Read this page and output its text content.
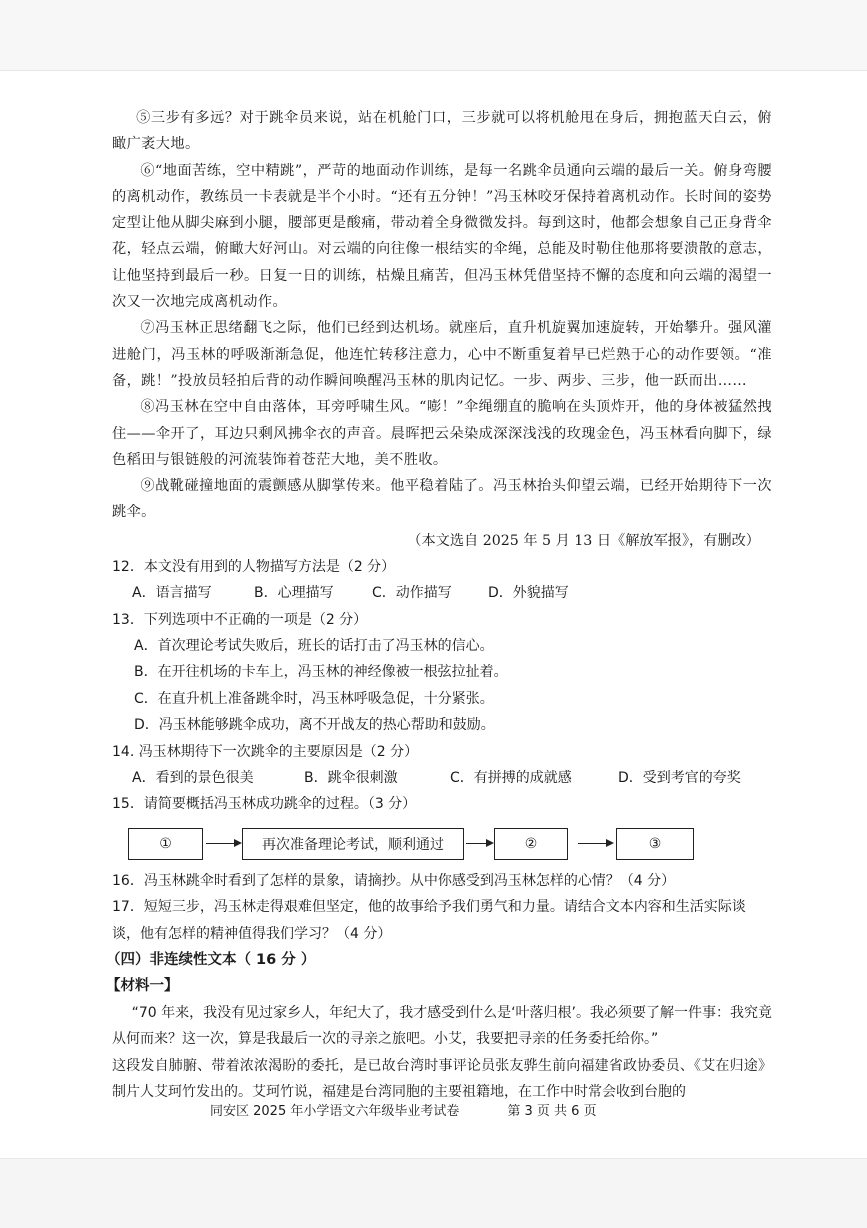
⑤三步有多远？对于跳伞员来说，站在机舱门口，三步就可以将机舱甩在身后，拥抱蓝天白云，俯瞰广袤大地。

⑥“地面苦练，空中精跳”，严苛的地面动作训练，是每一名跳伞员通向云端的最后一关。俯身弯腰的离机动作，教练员一卡表就是半个小时。“还有五分钟！”冯玉林咬牙保持着离机动作。长时间的姿势定型让他从脚尖麻到小腿，腰部更是酸痛，带动着全身微微发抖。每到这时，他都会想象自己正身背伞花，轻点云端，俯瞰大好河山。对云端的向往像一根结实的伞绳，总能及时勒住他那将要溃散的意志，让他坚持到最后一秒。日复一日的训练，枯燥且痛苦，但冯玉林凭借坚持不懈的态度和向云端的渴望一次又一次地完成离机动作。

⑦冯玉林正思绪翻飞之际，他们已经到达机场。就座后，直升机旋翼加速旋转，开始攀升。强风灌进舱门，冯玉林的呼吸渐渐急促，他连忙转移注意力，心中不断重复着早已烂熟于心的动作要领。“准备，跳！”投放员轻拍后背的动作瞬间唤醒冯玉林的肌肉记忆。一步、两步、三步，他一跃而出……

⑧冯玉林在空中自由落体，耳旁呼啸生风。“嘭！”伞绳绷直的脆响在头顶炸开，他的身体被猛然拽住——伞开了，耳边只剩风拂伞衣的声音。晨晖把云朵染成深深浅浅的玫瑰金色，冯玉林看向脚下，绿色稻田与银链般的河流装饰着苍茫大地，美不胜收。

⑨战靴碰撞地面的震颤感从脚掌传来。他平稳着陆了。冯玉林抬头仰望云端，已经开始期待下一次跳伞。

（本文选自 2025 年 5 月 13 日《解放军报》，有删改）

12．本文没有用到的人物描写方法是（2 分）

A．语言描写	B．心理描写	C．动作描写	D．外貌描写

13．下列选项中不正确的一项是（2 分）

A．首次理论考试失败后，班长的话打击了冯玉林的信心。

B．在开往机场的卡车上，冯玉林的神经像被一根弦拉扯着。

C．在直升机上准备跳伞时，冯玉林呼吸急促，十分紧张。

D．冯玉林能够跳伞成功，离不开战友的热心帮助和鼓励。

14. 冯玉林期待下一次跳伞的主要原因是（2 分）

A．看到的景色很美	B．跳伞很刺激	C．有拼搏的成就感	D．受到考官的夸奖

15．请简要概括冯玉林成功跳伞的过程。（3 分）

①	再次准备理论考试，顺利通过	②	③

16．冯玉林跳伞时看到了怎样的景象，请摘抄。从中你感受到冯玉林怎样的心情？（4 分）

17．短短三步，冯玉林走得艰难但坚定，他的故事给予我们勇气和力量。请结合文本内容和生活实际谈谈，他有怎样的精神值得我们学习？（4 分）

（四）非连续性文本（ 16 分 ）

【材料一】

“70 年来，我没有见过家乡人，年纪大了，我才感受到什么是‘叶落归根’。我必须要了解一件事：我究竟从何而来？这一次，算是我最后一次的寻亲之旅吧。小艾，我要把寻亲的任务委托给你。”

这段发自肺腑、带着浓浓渴盼的委托，是已故台湾时事评论员张友骅生前向福建省政协委员、《艾在归途》制片人艾珂竹发出的。艾珂竹说，福建是台湾同胞的主要祖籍地，在工作中时常会收到台胞的

同安区 2025 年小学语文六年级毕业考试卷	第 3 页 共 6 页
